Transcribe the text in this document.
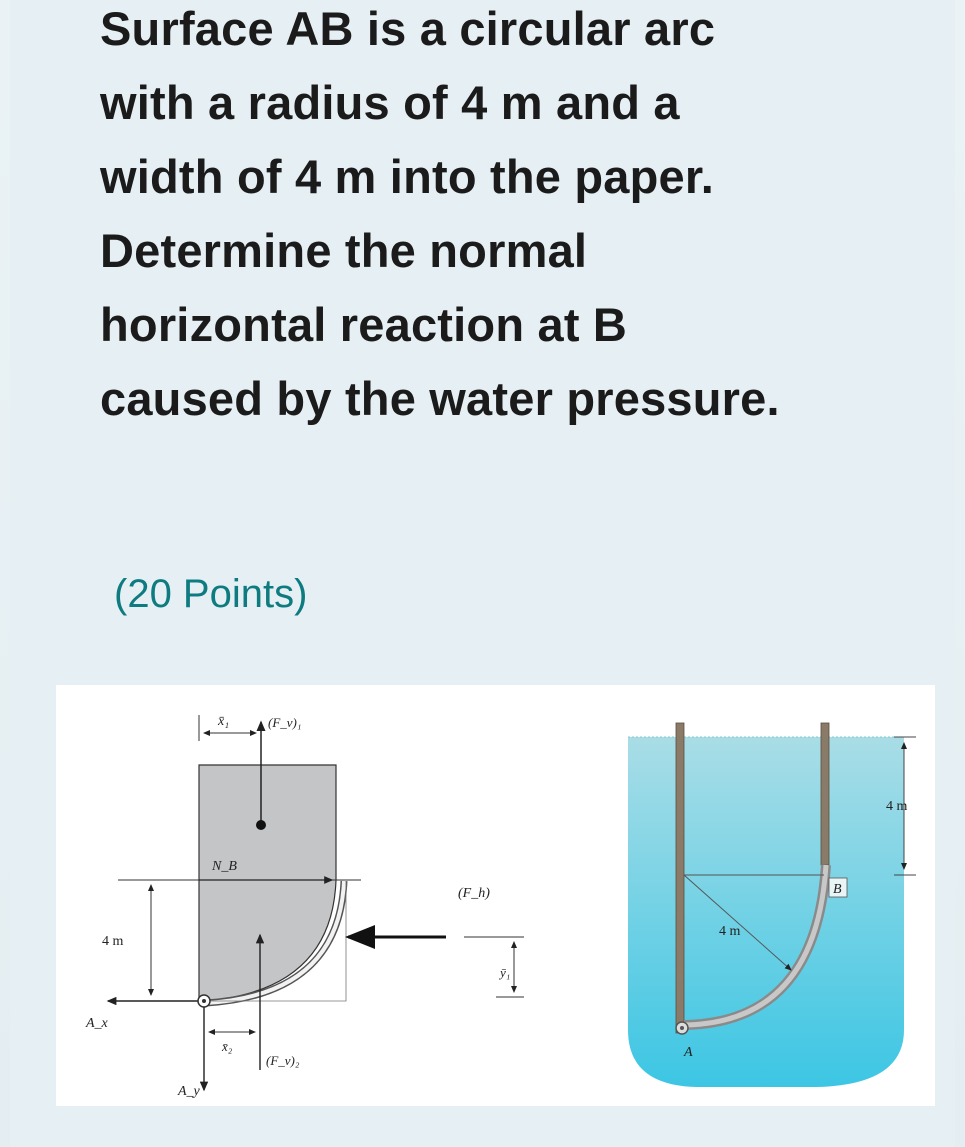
Surface AB is a circular arc
with a radius of 4 m and a
width of 4 m into the paper.
Determine the normal
horizontal reaction at B
caused by the water pressure.
(20 Points)
x̄₁	(F_v)₁
N_B
(F_h)
ȳ₁
4 m
A_x
A_y
x̄₂
(F_v)₂
A
B
4 m
4 m
